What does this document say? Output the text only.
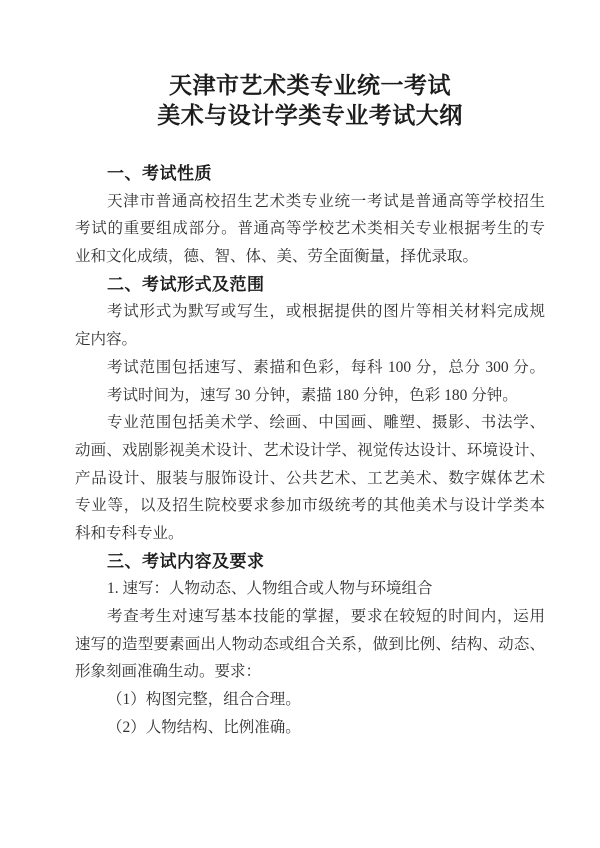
天津市艺术类专业统一考试
美术与设计学类专业考试大纲
一、考试性质
天津市普通高校招生艺术类专业统一考试是普通高等学校招生
考试的重要组成部分。普通高等学校艺术类相关专业根据考生的专
业和文化成绩，德、智、体、美、劳全面衡量，择优录取。
二、考试形式及范围
考试形式为默写或写生，或根据提供的图片等相关材料完成规
定内容。
考试范围包括速写、素描和色彩，每科 100 分，总分 300 分。
考试时间为，速写 30 分钟，素描 180 分钟，色彩 180 分钟。
专业范围包括美术学、绘画、中国画、雕塑、摄影、书法学、
动画、戏剧影视美术设计、艺术设计学、视觉传达设计、环境设计、
产品设计、服装与服饰设计、公共艺术、工艺美术、数字媒体艺术
专业等，以及招生院校要求参加市级统考的其他美术与设计学类本
科和专科专业。
三、考试内容及要求
1. 速写：人物动态、人物组合或人物与环境组合
考查考生对速写基本技能的掌握，要求在较短的时间内，运用
速写的造型要素画出人物动态或组合关系，做到比例、结构、动态、
形象刻画准确生动。要求：
（1）构图完整，组合合理。
（2）人物结构、比例准确。
